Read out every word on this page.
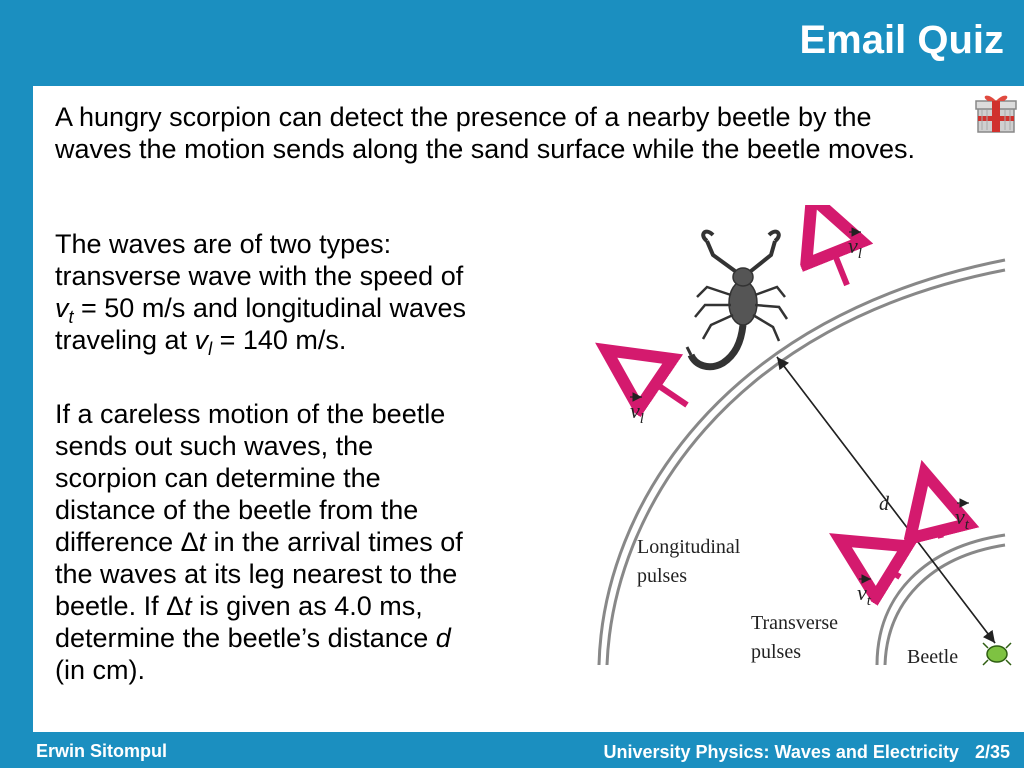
Email Quiz
A hungry scorpion can detect the presence of a nearby beetle by the waves the motion sends along the sand surface while the beetle moves.
The waves are of two types:
transverse wave with the speed of
$v_t = 50$ m/s and longitudinal waves
traveling at $v_l = 140$ m/s.
If a careless motion of the beetle
sends out such waves, the
scorpion can determine the
distance of the beetle from the
difference Δt in the arrival times of
the waves at its leg nearest to the
beetle. If Δt is given as 4.0 ms,
determine the beetle’s distance d
(in cm).
d
$v_l$
$v_l$
$v_t$
$v_t$
Longitudinal
pulses
Transverse
pulses	Beetle
Erwin Sitompul	University Physics: Waves and Electricity 2/35
